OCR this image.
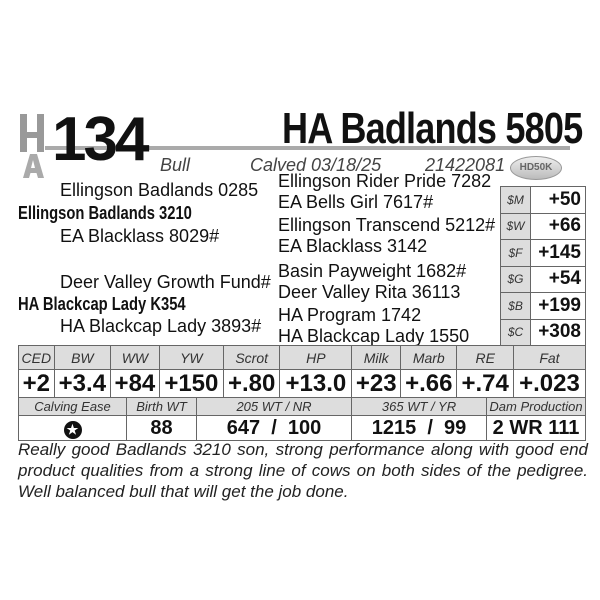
134	HA Badlands 5805
Bull	Calved 03/18/25 21422081	HD50K
Ellingson Badlands 0285
Ellingson Badlands 3210
EA Blacklass 8029#
Deer Valley Growth Fund#
HA Blackcap Lady K354
HA Blackcap Lady 3893#
Ellingson Rider Pride 7282
EA Bells Girl 7617#
Ellingson Transcend 5212#
EA Blacklass 3142
Basin Payweight 1682#
Deer Valley Rita 36113
HA Program 1742
HA Blackcap Lady 1550
$M	+50
$W	+66
$F	+145
$G	+54
$B	+199
$C	+308
CED	BW	WW	YW	Scrot	HP	Milk	Marb	RE	Fat
+2	+3.4	+84	+150	+.80	+13.0	+23	+.66	+.74	+.023
Calving Ease	Birth WT	205 WT / NR	365 WT / YR	Dam Production
★	88	647  /  100	1215  /  99	2 WR 111
Really good Badlands 3210 son, strong performance along with good end product qualities from a strong line of cows on both sides of the pedigree. Well balanced bull that will get the job done.
